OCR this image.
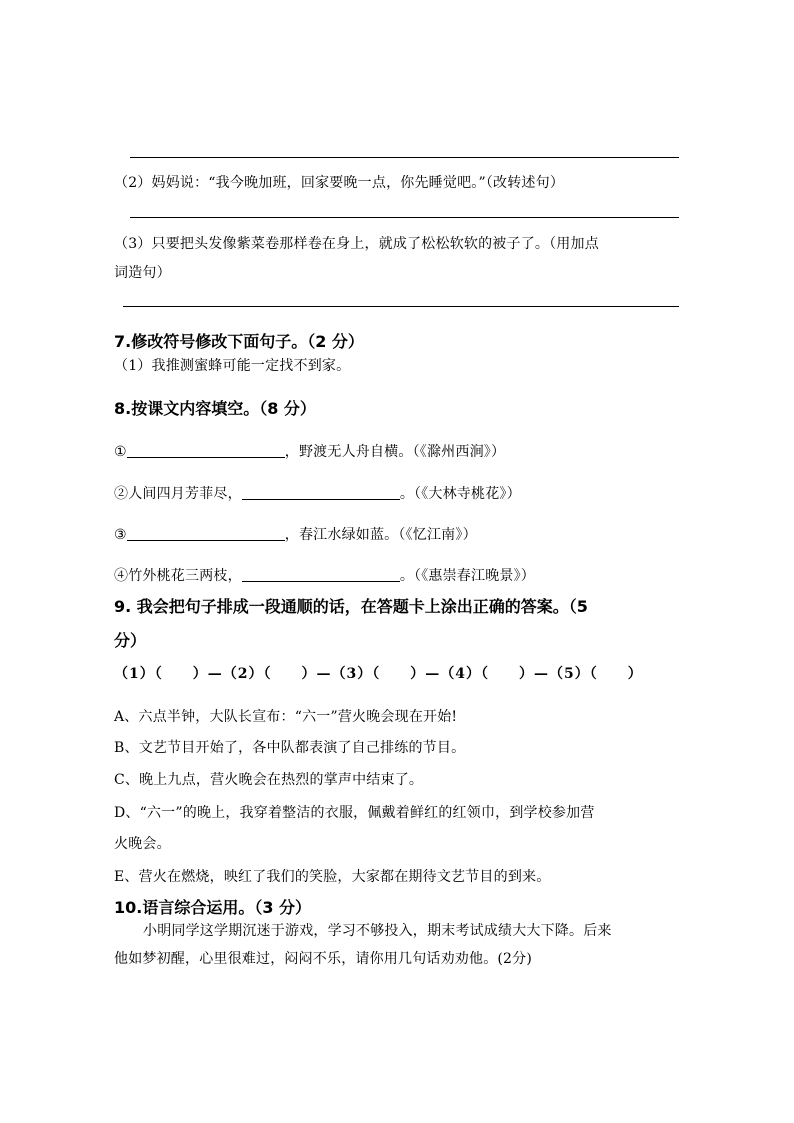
（2）妈妈说：“我今晚加班，回家要晚一点，你先睡觉吧。”（改转述句）
（3）只要把头发像紫菜卷那样卷在身上，就成了松松软软的被子了。（用加点
词造句）
7.修改符号修改下面句子。（2 分）
（1）我推测蜜蜂可能一定找不到家。
8.按课文内容填空。（8 分）
①	，野渡无人舟自横。（《滁州西涧》）
②人间四月芳菲尽，	。（《大林寺桃花》）
③	，春江水绿如蓝。（《忆江南》）
④竹外桃花三两枝，	。（《惠崇春江晚景》）
9. 我会把句子排成一段通顺的话，在答题卡上涂出正确的答案。（5
分）
（1）（　　）—（2）（　　）—（3）（　　）—（4）（　　）—（5）（　　）
A、六点半钟，大队长宣布：“六一”营火晚会现在开始!
B、文艺节目开始了，各中队都表演了自己排练的节目。
C、晚上九点，营火晚会在热烈的掌声中结束了。
D、“六一”的晚上，我穿着整洁的衣服，佩戴着鲜红的红领巾，到学校参加营
火晚会。
E、营火在燃烧，映红了我们的笑脸，大家都在期待文艺节目的到来。
10.语言综合运用。（3 分）
小明同学这学期沉迷于游戏，学习不够投入，期末考试成绩大大下降。后来
他如梦初醒，心里很难过，闷闷不乐，请你用几句话劝劝他。(2分)
